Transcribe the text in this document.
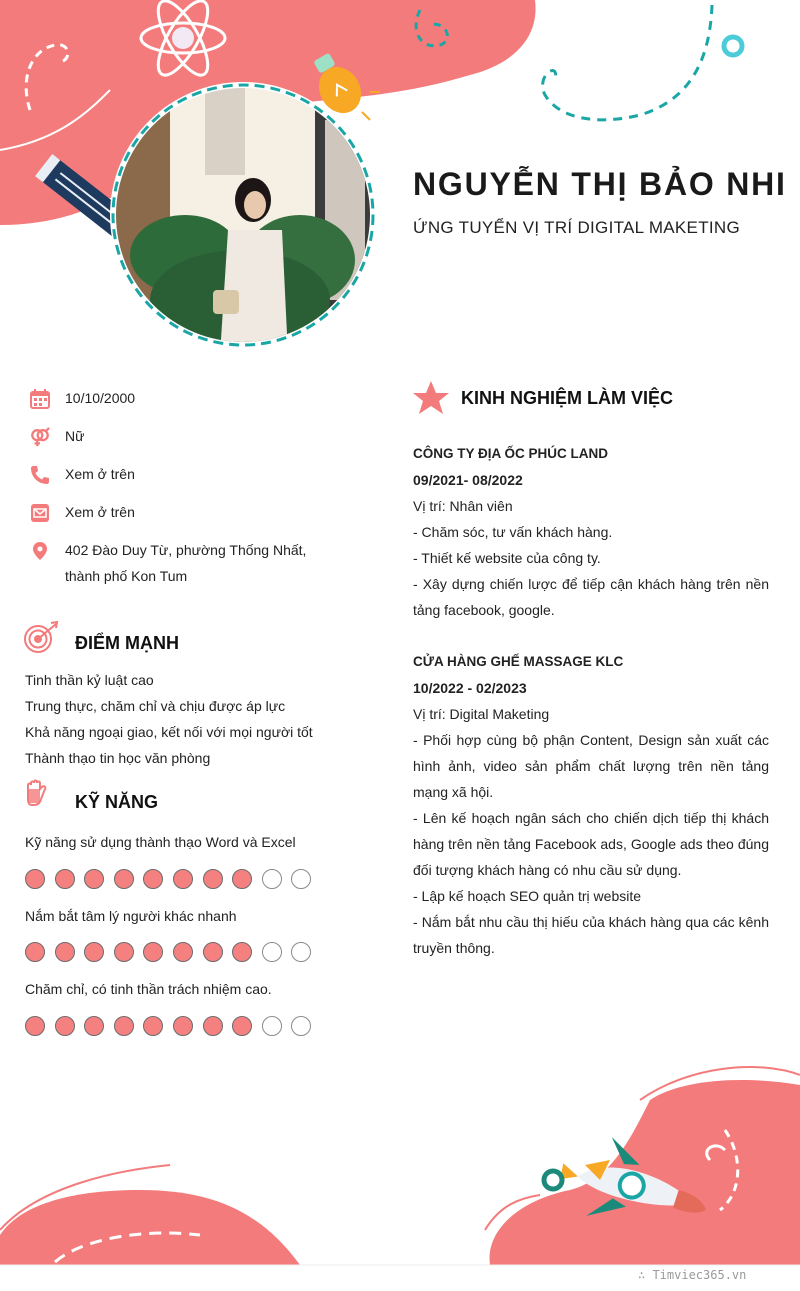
NGUYỄN THỊ BẢO NHI
ỨNG TUYỂN VỊ TRÍ DIGITAL MAKETING
10/10/2000
Nữ
Xem ở trên
Xem ở trên
402 Đào Duy Từ, phường Thống Nhất,
thành phố Kon Tum
ĐIỂM MẠNH
Tinh thần kỷ luật cao
Trung thực, chăm chỉ và chịu được áp lực
Khả năng ngoại giao, kết nối với mọi người tốt
Thành thạo tin học văn phòng
KỸ NĂNG
Kỹ năng sử dụng thành thạo Word và Excel
Nắm bắt tâm lý người khác nhanh
Chăm chỉ, có tinh thần trách nhiệm cao.
KINH NGHIỆM LÀM VIỆC
CÔNG TY ĐỊA ỐC PHÚC LAND
09/2021- 08/2022
Vị trí: Nhân viên
- Chăm sóc, tư vấn khách hàng.
- Thiết kế website của công ty.
- Xây dựng chiến lược để tiếp cận khách hàng trên nền tảng facebook, google.
CỬA HÀNG GHẾ MASSAGE KLC
10/2022 - 02/2023
Vị trí: Digital Maketing
- Phối hợp cùng bộ phận Content, Design sản xuất các hình ảnh, video sản phẩm chất lượng trên nền tảng mạng xã hội.
- Lên kế hoạch ngân sách cho chiến dịch tiếp thị khách hàng trên nền tảng Facebook ads, Google ads theo đúng đối tượng khách hàng có nhu cầu sử dụng.
- Lập kế hoạch SEO quản trị website
- Nắm bắt nhu cầu thị hiếu của khách hàng qua các kênh truyền thông.
∴ Timviec365.vn
